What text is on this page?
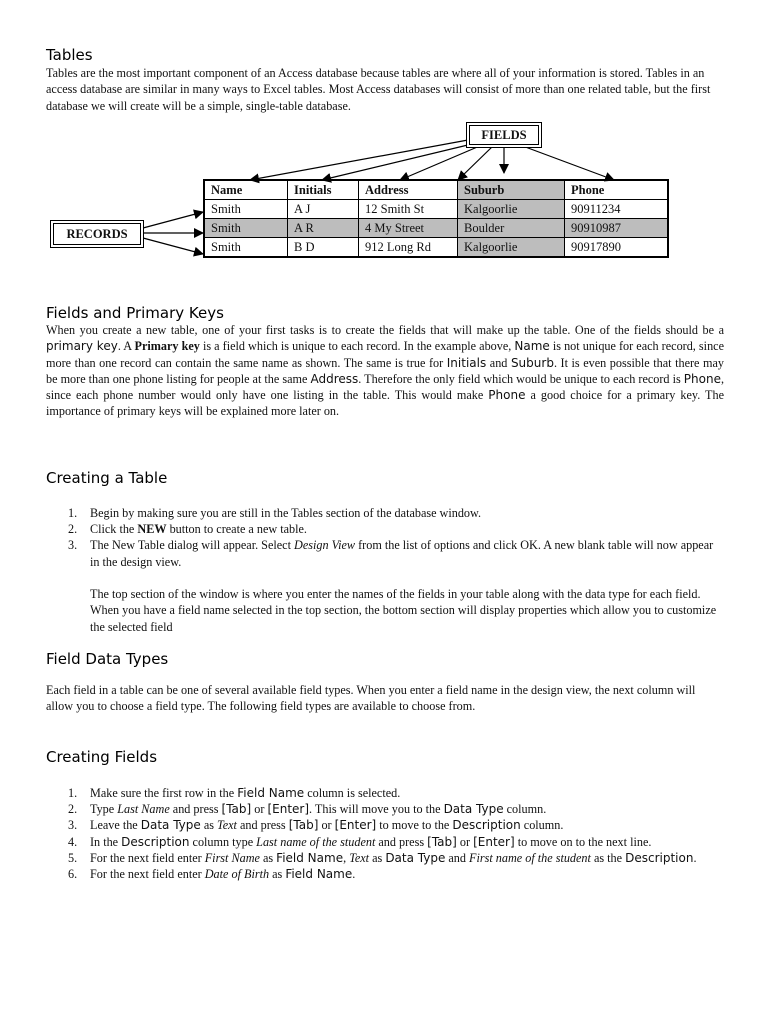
Tables

Tables are the most important component of an Access database because tables are where all of your information is stored. Tables in an access database are similar in many ways to Excel tables. Most Access databases will consist of more than one related table, but the first database we will create will be a simple, single-table database.

FIELDS
RECORDS
Name	Initials	Address	Suburb	Phone
Smith	A J	12 Smith St	Kalgoorlie	90911234
Smith	A R	4 My Street	Boulder	90910987
Smith	B D	912 Long Rd	Kalgoorlie	90917890
Fields and Primary Keys

When you create a new table, one of your first tasks is to create the fields that will make up the table. One of the fields should be a primary key. A Primary key is a field which is unique to each record. In the example above, Name is not unique for each record, since more than one record can contain the same name as shown. The same is true for Initials and Suburb. It is even possible that there may be more than one phone listing for people at the same Address. Therefore the only field which would be unique to each record is Phone, since each phone number would only have one listing in the table. This would make Phone a good choice for a primary key. The importance of primary keys will be explained more later on.

Creating a Table
1. Begin by making sure you are still in the Tables section of the database window.
2. Click the NEW button to create a new table.
3. The New Table dialog will appear. Select Design View from the list of options and click OK. A new blank table will now appear in the design view.

The top section of the window is where you enter the names of the fields in your table along with the data type for each field. When you have a field name selected in the top section, the bottom section will display properties which allow you to customize the selected field

Field Data Types

Each field in a table can be one of several available field types. When you enter a field name in the design view, the next column will allow you to choose a field type. The following field types are available to choose from.

Creating Fields
1. Make sure the first row in the Field Name column is selected.
2. Type Last Name and press [Tab] or [Enter]. This will move you to the Data Type column.
3. Leave the Data Type as Text and press [Tab] or [Enter] to move to the Description column.
4. In the Description column type Last name of the student and press [Tab] or [Enter] to move on to the next line.
5. For the next field enter First Name as Field Name, Text as Data Type and First name of the student as the Description.
6. For the next field enter Date of Birth as Field Name.
